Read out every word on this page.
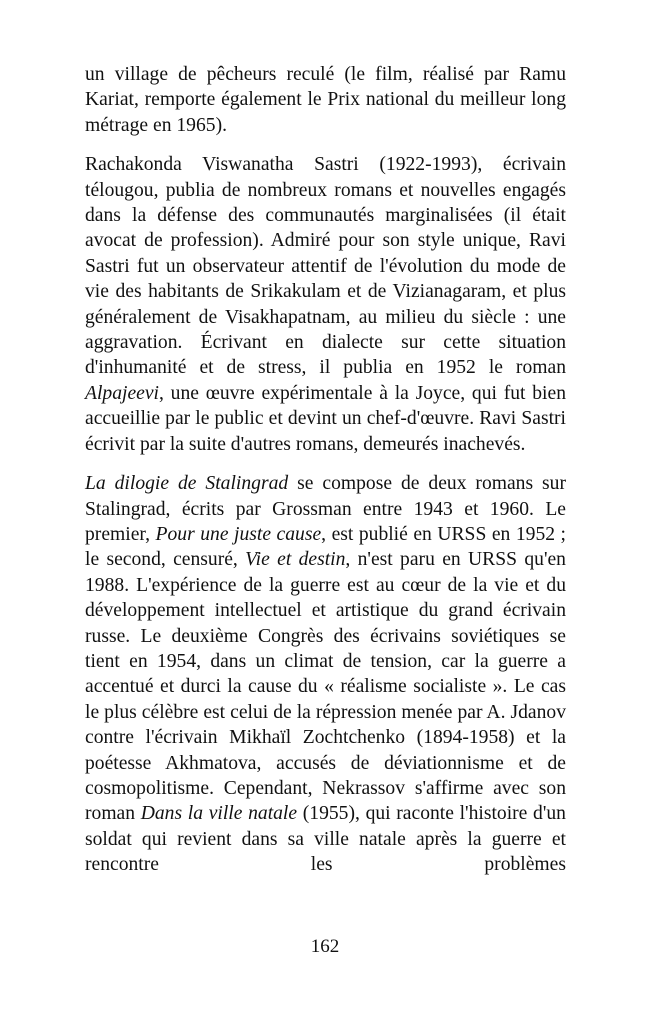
un village de pêcheurs reculé (le film, réalisé par Ramu Kariat, remporte également le Prix national du meilleur long métrage en 1965).

Rachakonda Viswanatha Sastri (1922-1993), écrivain télougou, publia de nombreux romans et nouvelles engagés dans la défense des communautés marginalisées (il était avocat de profession). Admiré pour son style unique, Ravi Sastri fut un observateur attentif de l'évolution du mode de vie des habitants de Srikakulam et de Vizianagaram, et plus généralement de Visakhapatnam, au milieu du siècle : une aggravation. Écrivant en dialecte sur cette situation d'inhumanité et de stress, il publia en 1952 le roman Alpajeevi, une œuvre expérimentale à la Joyce, qui fut bien accueillie par le public et devint un chef-d'œuvre. Ravi Sastri écrivit par la suite d'autres romans, demeurés inachevés.

La dilogie de Stalingrad se compose de deux romans sur Stalingrad, écrits par Grossman entre 1943 et 1960. Le premier, Pour une juste cause, est publié en URSS en 1952 ; le second, censuré, Vie et destin, n'est paru en URSS qu'en 1988. L'expérience de la guerre est au cœur de la vie et du développement intellectuel et artistique du grand écrivain russe. Le deuxième Congrès des écrivains soviétiques se tient en 1954, dans un climat de tension, car la guerre a accentué et durci la cause du « réalisme socialiste ». Le cas le plus célèbre est celui de la répression menée par A. Jdanov contre l'écrivain Mikhaïl Zochtchenko (1894-1958) et la poétesse Akhmatova, accusés de déviationnisme et de cosmopolitisme. Cependant, Nekrassov s'affirme avec son roman Dans la ville natale (1955), qui raconte l'histoire d'un soldat qui revient dans sa ville natale après la guerre et rencontre les problèmes

162
